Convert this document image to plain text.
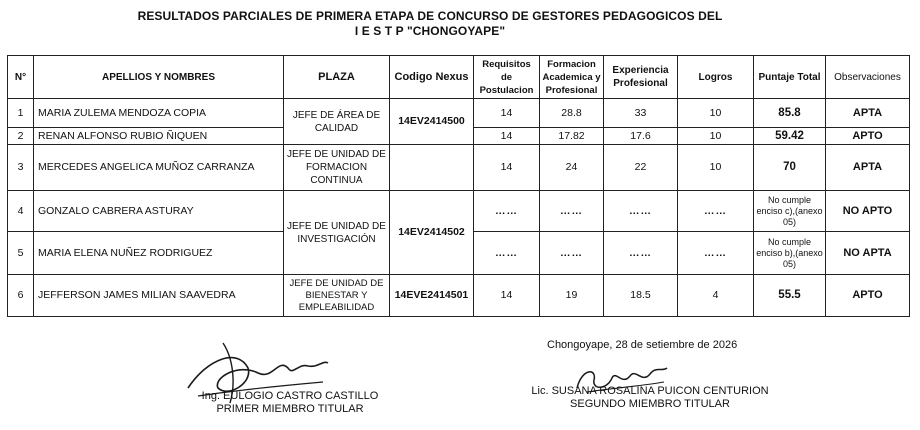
RESULTADOS PARCIALES DE PRIMERA ETAPA DE CONCURSO DE GESTORES PEDAGOGICOS DEL
I E S T P "CHONGOYAPE"
N°	APELLIOS Y NOMBRES	PLAZA	Codigo Nexus	Requisitos de Postulacion	Formacion Academica y Profesional	Experiencia Profesional	Logros	Puntaje Total	Observaciones
1	MARIA ZULEMA MENDOZA COPIA	JEFE DE ÁREA DE CALIDAD	14EV2414500	14	28.8	33	10	85.8	APTA
2	RENAN ALFONSO RUBIO ÑIQUEN			14	17.82	17.6	10	59.42	APTO
3	MERCEDES ANGELICA MUÑOZ CARRANZA	JEFE DE UNIDAD DE FORMACION CONTINUA		14	24	22	10	70	APTA
4	GONZALO CABRERA ASTURAY	JEFE DE UNIDAD DE INVESTIGACIÓN	14EV2414502	……	……	……	……	No cumple enciso c),(anexo 05)	NO APTO
5	MARIA ELENA NUÑEZ RODRIGUEZ			……	……	……	……	No cumple enciso b),(anexo 05)	NO APTA
6	JEFFERSON JAMES MILIAN SAAVEDRA	JEFE DE UNIDAD DE BIENESTAR Y EMPLEABILIDAD	14EVE2414501	14	19	18.5	4	55.5	APTO
Chongoyape, 28 de setiembre de 2026
Ing. EULOGIO CASTRO CASTILLO
PRIMER MIEMBRO TITULAR
Lic. SUSANA ROSALINA PUICON CENTURION
SEGUNDO MIEMBRO TITULAR
